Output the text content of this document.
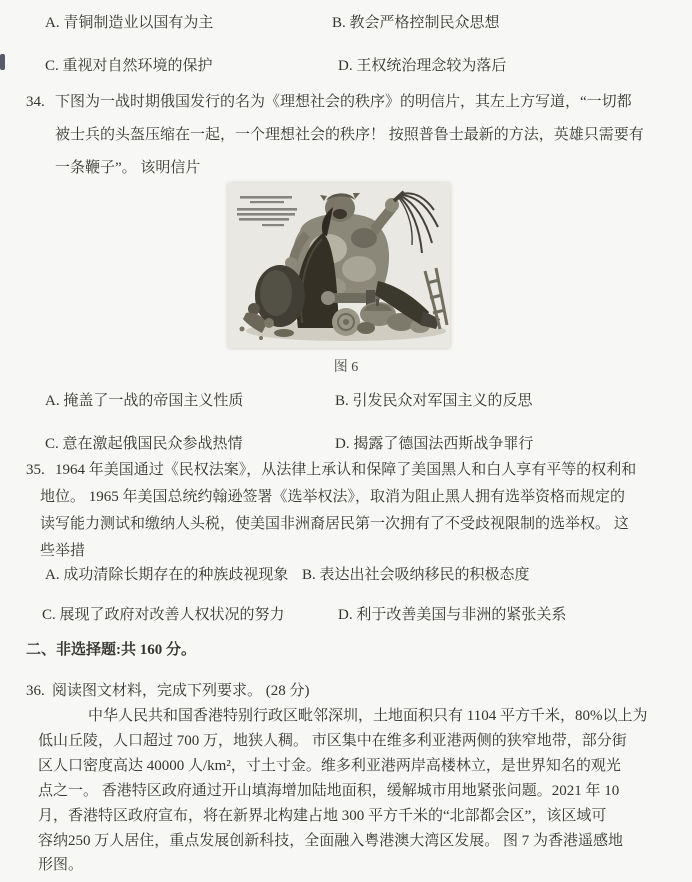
A. 青铜制造业以国有为主	B. 教会严格控制民众思想
C. 重视对自然环境的保护	D. 王权统治理念较为落后
34. 下图为一战时期俄国发行的名为《理想社会的秩序》的明信片，其左上方写道，“一切都
被士兵的头盔压缩在一起，一个理想社会的秩序！ 按照普鲁士最新的方法，英雄只需要有
一条鞭子”。 该明信片
图 6
A. 掩盖了一战的帝国主义性质	B. 引发民众对军国主义的反思
C. 意在激起俄国民众参战热情	D. 揭露了德国法西斯战争罪行
35. 1964 年美国通过《民权法案》，从法律上承认和保障了美国黑人和白人享有平等的权利和
地位。 1965 年美国总统约翰逊签署《选举权法》，取消为阻止黑人拥有选举资格而规定的
读写能力测试和缴纳人头税，使美国非洲裔居民第一次拥有了不受歧视限制的选举权。 这
些举措
A. 成功清除长期存在的种族歧视现象 B. 表达出社会吸纳移民的积极态度
C. 展现了政府对改善人权状况的努力	D. 利于改善美国与非洲的紧张关系
二、非选择题:共 160 分。
36. 阅读图文材料，完成下列要求。 (28 分)
中华人民共和国香港特别行政区毗邻深圳，土地面积只有 1104 平方千米，80%以上为
低山丘陵，人口超过 700 万，地狭人稠。 市区集中在维多利亚港两侧的狭窄地带，部分街
区人口密度高达 40000 人/km²，寸土寸金。维多利亚港两岸高楼林立，是世界知名的观光
点之一。 香港特区政府通过开山填海增加陆地面积，缓解城市用地紧张问题。2021 年 10
月，香港特区政府宣布，将在新界北构建占地 300 平方千米的“北部都会区”，该区域可
容纳250 万人居住，重点发展创新科技，全面融入粤港澳大湾区发展。 图 7 为香港遥感地
形图。
